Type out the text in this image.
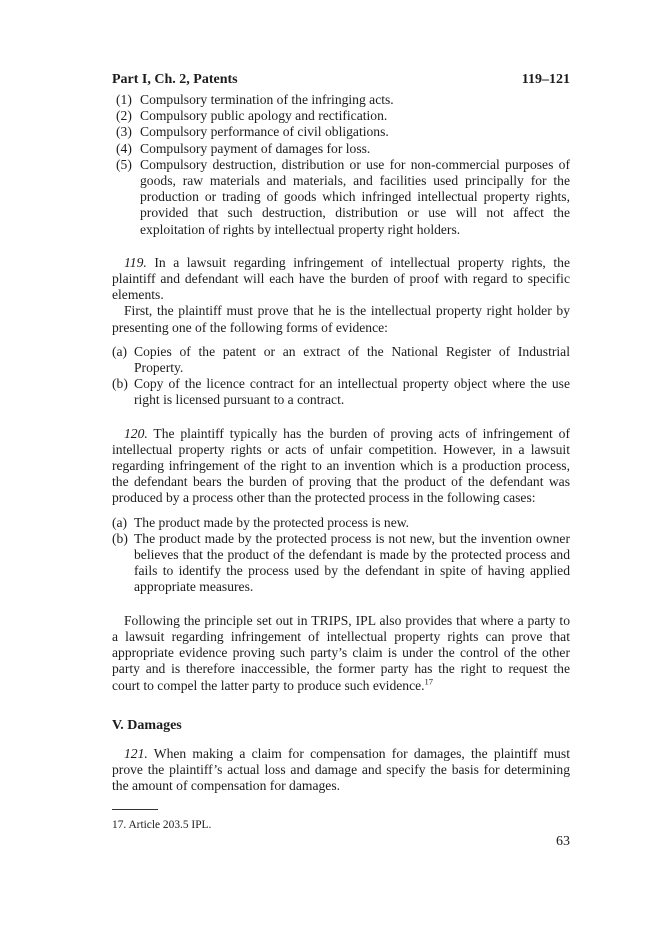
Part I, Ch. 2, Patents	119–121
(1) Compulsory termination of the infringing acts.
(2) Compulsory public apology and rectification.
(3) Compulsory performance of civil obligations.
(4) Compulsory payment of damages for loss.
(5) Compulsory destruction, distribution or use for non-commercial purposes of goods, raw materials and materials, and facilities used principally for the production or trading of goods which infringed intellectual property rights, provided that such destruction, distribution or use will not affect the exploitation of rights by intellectual property right holders.

119. In a lawsuit regarding infringement of intellectual property rights, the plaintiff and defendant will each have the burden of proof with regard to specific elements.

First, the plaintiff must prove that he is the intellectual property right holder by presenting one of the following forms of evidence:

(a) Copies of the patent or an extract of the National Register of Industrial Property.
(b) Copy of the licence contract for an intellectual property object where the use right is licensed pursuant to a contract.

120. The plaintiff typically has the burden of proving acts of infringement of intellectual property rights or acts of unfair competition. However, in a lawsuit regarding infringement of the right to an invention which is a production process, the defendant bears the burden of proving that the product of the defendant was produced by a process other than the protected process in the following cases:

(a) The product made by the protected process is new.
(b) The product made by the protected process is not new, but the invention owner believes that the product of the defendant is made by the protected process and fails to identify the process used by the defendant in spite of having applied appropriate measures.

Following the principle set out in TRIPS, IPL also provides that where a party to a lawsuit regarding infringement of intellectual property rights can prove that appropriate evidence proving such party’s claim is under the control of the other party and is therefore inaccessible, the former party has the right to request the court to compel the latter party to produce such evidence.$^{17}$

V. Damages

121. When making a claim for compensation for damages, the plaintiff must prove the plaintiff’s actual loss and damage and specify the basis for determining the amount of compensation for damages.

17. Article 203.5 IPL.

63
